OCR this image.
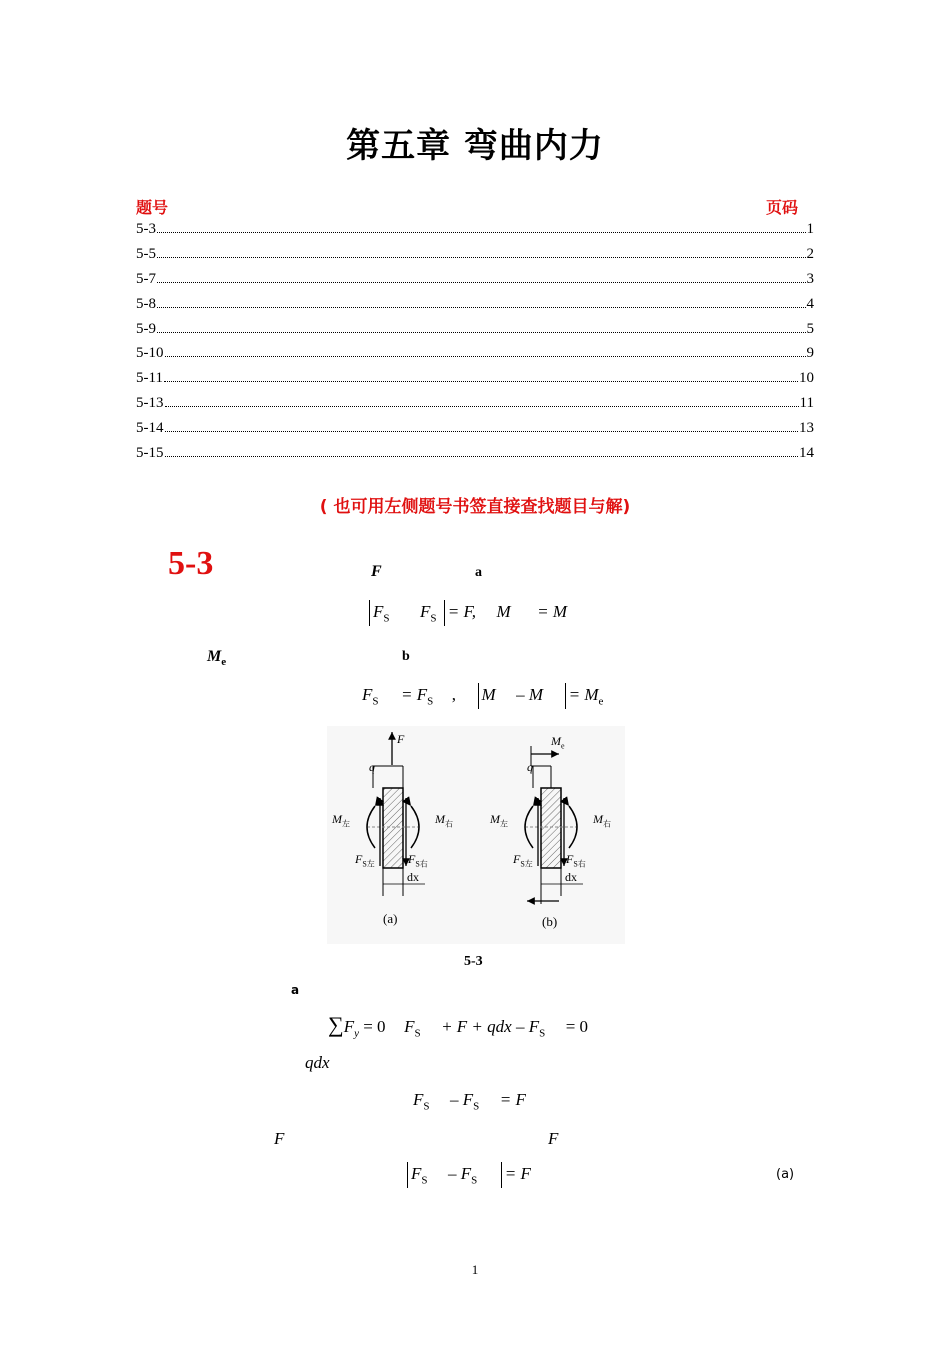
第五章 弯曲内力
题号	页码
5-3	1
5-5	2
5-7	3
5-8	4
5-9	5
5-10	9
5-11	10
5-13	11
5-14	13
5-15	14
( 也可用左侧题号书签直接查找题目与解)
5-3	F	a
$F_S$ $F_S = F$, M = M
$M_e$	b
$F_S = F_S$ , $M - M = M_e$
F
q
$M_左$	$M_右$
$F_{S左}$	$F_{S右}$
dx
(a)
$M_e$
q
$M_左$	$M_右$
$F_{S左}$	$F_{S右}$
dx
(b)
5-3
a
$\sum F_y = 0$ $F_S + F$ + qdx – $F_S = 0$
qdx
$F_S - F_S = F$
F	F
$F_S - F_S = F$	(a)
1
